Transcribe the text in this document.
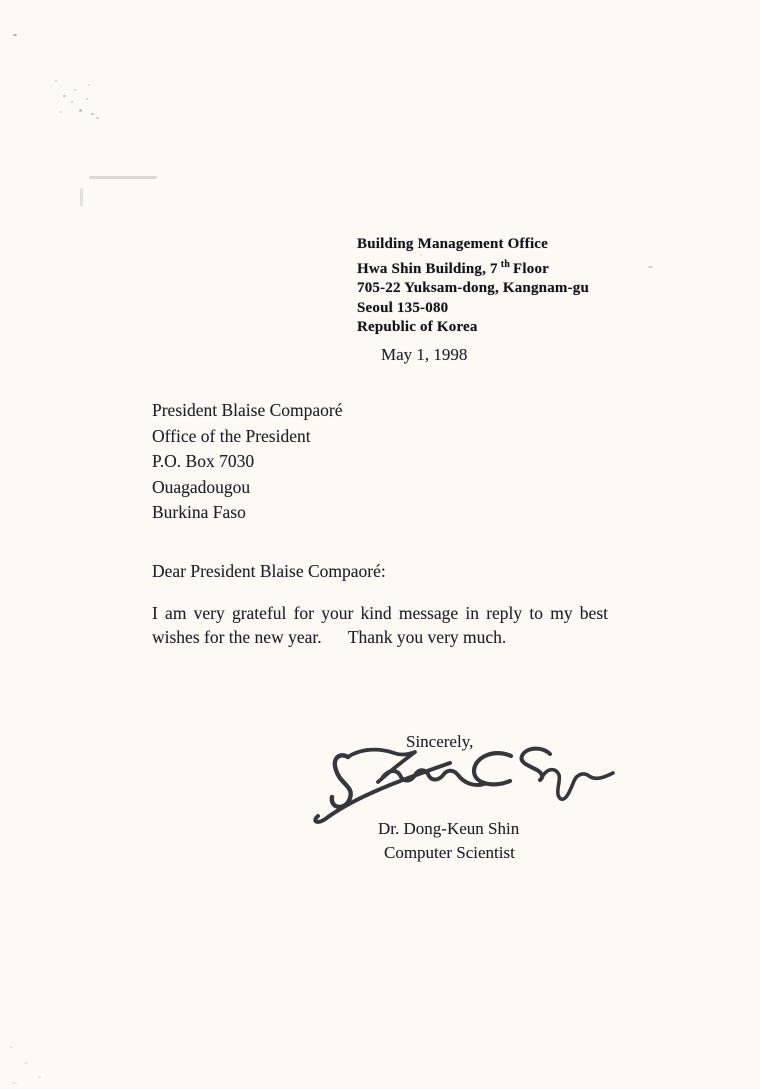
Building Management Office
Hwa Shin Building, 7 $^{th}$ Floor
705-22 Yuksam-dong, Kangnam-gu
Seoul 135-080
Republic of Korea
May 1, 1998
President Blaise Compaoré
Office of the President
P.O. Box 7030
Ouagadougou
Burkina Faso
Dear President Blaise Compaoré:
I am very grateful for your kind message in reply to my best
wishes for the new year.  Thank you very much.
Sincerely,
Dr. Dong-Keun Shin
Computer Scientist
